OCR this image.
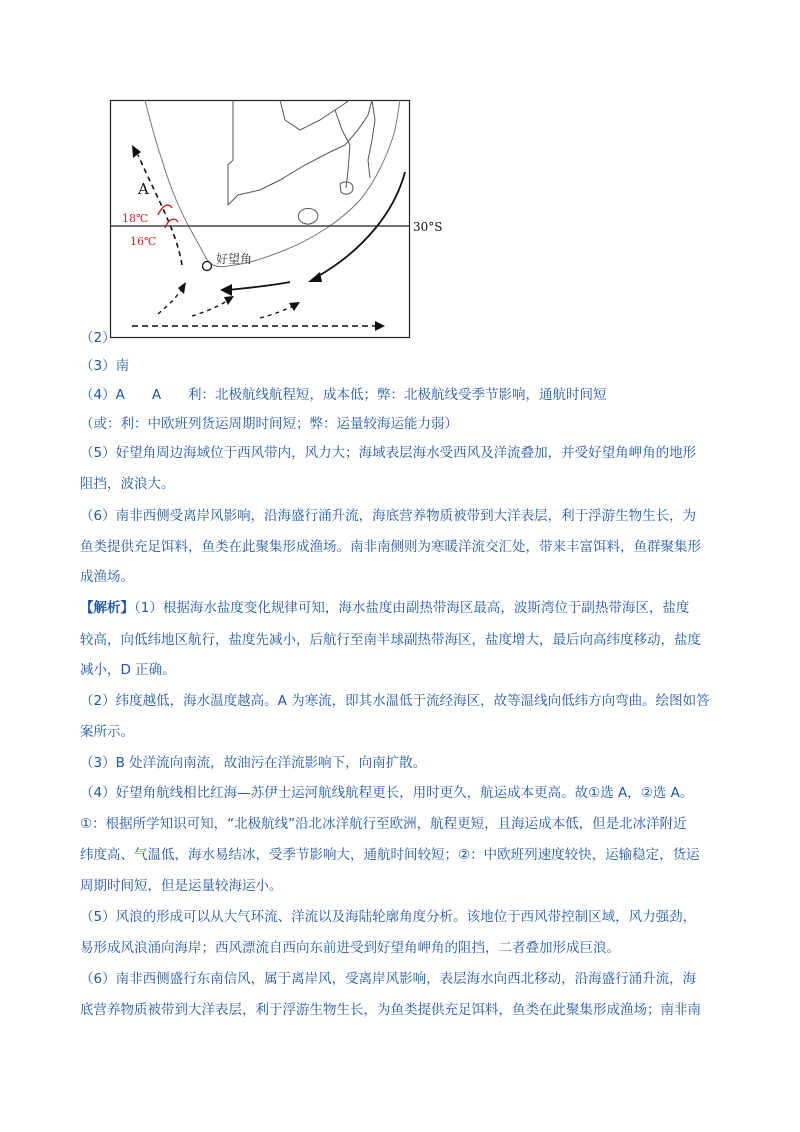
A
18℃
16℃
好望角
30°S
（2）
（3）南
（4）A　　A　　利：北极航线航程短，成本低；弊：北极航线受季节影响，通航时间短
（或：利：中欧班列货运周期时间短；弊：运量较海运能力弱）
（5）好望角周边海域位于西风带内，风力大；海域表层海水受西风及洋流叠加，并受好望角岬角的地形
阻挡，波浪大。
（6）南非西侧受离岸风影响，沿海盛行涌升流，海底营养物质被带到大洋表层，利于浮游生物生长，为
鱼类提供充足饵料，鱼类在此聚集形成渔场。南非南侧则为寒暖洋流交汇处，带来丰富饵料，鱼群聚集形
成渔场。
【解析】（1）根据海水盐度变化规律可知，海水盐度由副热带海区最高，波斯湾位于副热带海区，盐度
较高，向低纬地区航行，盐度先减小，后航行至南半球副热带海区，盐度增大，最后向高纬度移动，盐度
减小，D 正确。
（2）纬度越低，海水温度越高。A 为寒流，即其水温低于流经海区，故等温线向低纬方向弯曲。绘图如答
案所示。
（3）B 处洋流向南流，故油污在洋流影响下，向南扩散。
（4）好望角航线相比红海—苏伊士运河航线航程更长，用时更久，航运成本更高。故①选 A，②选 A。
①：根据所学知识可知，“北极航线”沿北冰洋航行至欧洲，航程更短，且海运成本低，但是北冰洋附近
纬度高、气温低，海水易结冰，受季节影响大，通航时间较短；②：中欧班列速度较快，运输稳定，货运
周期时间短，但是运量较海运小。
（5）风浪的形成可以从大气环流、洋流以及海陆轮廓角度分析。该地位于西风带控制区域，风力强劲，
易形成风浪涌向海岸；西风漂流自西向东前进受到好望角岬角的阻挡，二者叠加形成巨浪。
（6）南非西侧盛行东南信风，属于离岸风，受离岸风影响，表层海水向西北移动，沿海盛行涌升流，海
底营养物质被带到大洋表层，利于浮游生物生长，为鱼类提供充足饵料，鱼类在此聚集形成渔场；南非南
